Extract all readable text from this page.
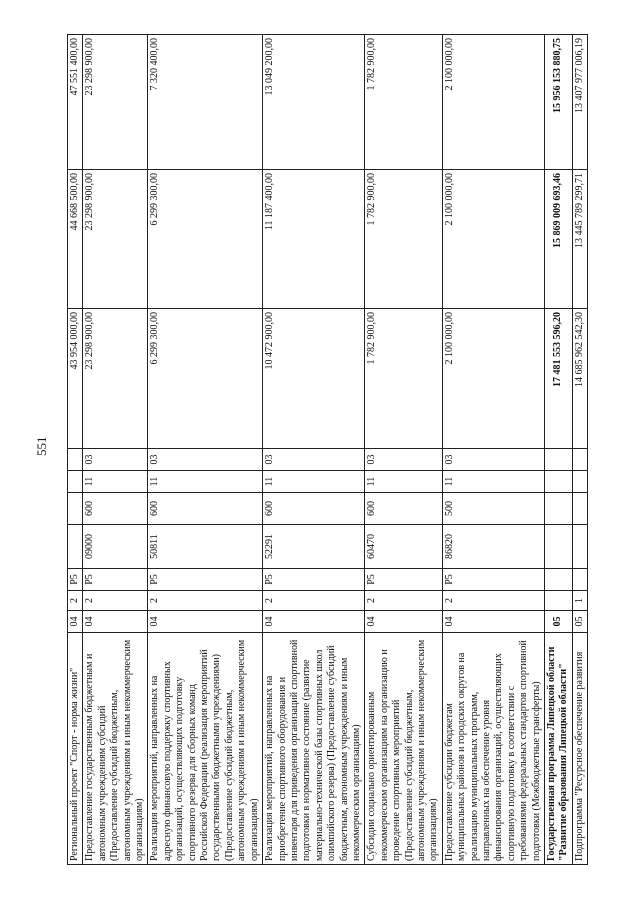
551
Региональный проект "Спорт - норма жизни"	04	2	Р5					43 954 000,00	44 668 500,00	47 551 400,00
Предоставление государственным бюджетным и автономным учреждениям субсидий (Предоставление субсидий бюджетным, автономным учреждениям и иным некоммерческим организациям)	04	2	Р5	09000	600	11	03	23 298 900,00	23 298 900,00	23 298 900,00
Реализация мероприятий, направленных на адресную финансовую поддержку спортивных организаций, осуществляющих подготовку спортивного резерва для сборных команд Российской Федерации (реализация мероприятий государственными бюджетными учреждениями) (Предоставление субсидий бюджетным, автономным учреждениям и иным некоммерческим организациям)	04	2	Р5	50811	600	11	03	6 299 300,00	6 299 300,00	7 320 400,00
Реализация мероприятий, направленных на приобретение спортивного оборудования и инвентаря для приведения организаций спортивной подготовки в нормативное состояние (развитие материально-технической базы спортивных школ олимпийского резерва) (Предоставление субсидий бюджетным, автономным учреждениям и иным некоммерческим организациям)	04	2	Р5	52291	600	11	03	10 472 900,00	11 187 400,00	13 049 200,00
Субсидии социально ориентированным некоммерческим организациям на организацию и проведение спортивных мероприятий (Предоставление субсидий бюджетным, автономным учреждениям и иным некоммерческим организациям)	04	2	Р5	60470	600	11	03	1 782 900,00	1 782 900,00	1 782 900,00
Предоставление субсидии бюджетам муниципальных районов и городских округов на реализацию муниципальных программ, направленных на обеспечение уровня финансирования организаций, осуществляющих спортивную подготовку в соответствии с требованиями федеральных стандартов спортивной подготовки (Межбюджетные трансферты)	04	2	Р5	86820	500	11	03	2 100 000,00	2 100 000,00	2 100 000,00
Государственная программа Липецкой области "Развитие образования Липецкой области"	05							17 481 553 596,20	15 869 009 693,46	15 956 153 880,75
Подпрограмма "Ресурсное обеспечение развития	05	1						14 685 962 542,30	13 445 789 299,71	13 407 977 006,19
